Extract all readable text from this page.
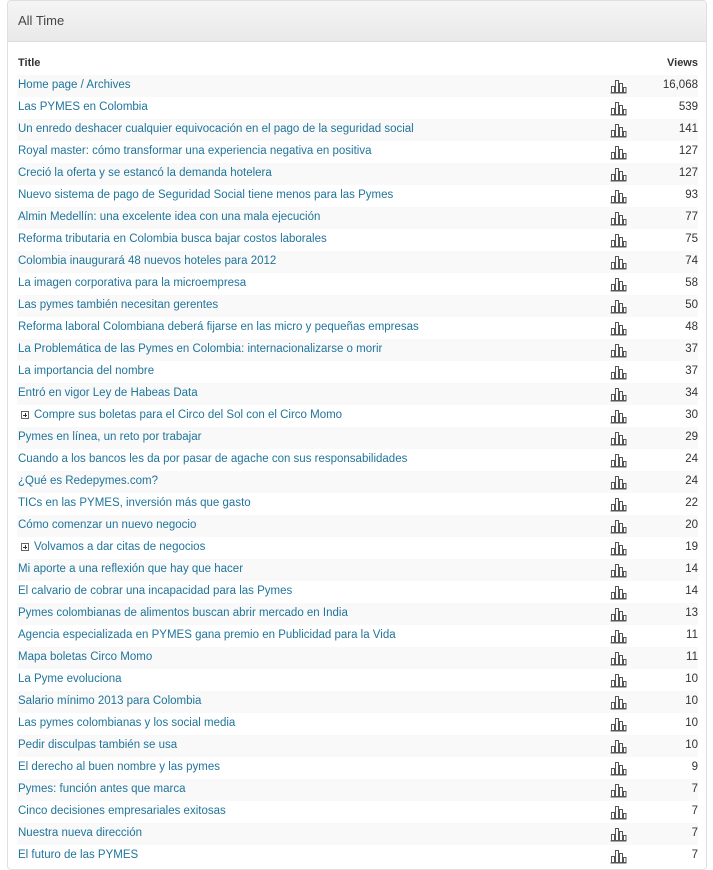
All Time
Title	Views
Home page / Archives	16,068
Las PYMES en Colombia	539
Un enredo deshacer cualquier equivocación en el pago de la seguridad social	141
Royal master: cómo transformar una experiencia negativa en positiva	127
Creció la oferta y se estancó la demanda hotelera	127
Nuevo sistema de pago de Seguridad Social tiene menos para las Pymes	93
Almin Medellín: una excelente idea con una mala ejecución	77
Reforma tributaria en Colombia busca bajar costos laborales	75
Colombia inaugurará 48 nuevos hoteles para 2012	74
La imagen corporativa para la microempresa	58
Las pymes también necesitan gerentes	50
Reforma laboral Colombiana deberá fijarse en las micro y pequeñas empresas	48
La Problemática de las Pymes en Colombia: internacionalizarse o morir	37
La importancia del nombre	37
Entró en vigor Ley de Habeas Data	34
Compre sus boletas para el Circo del Sol con el Circo Momo	30
Pymes en línea, un reto por trabajar	29
Cuando a los bancos les da por pasar de agache con sus responsabilidades	24
¿Qué es Redepymes.com?	24
TICs en las PYMES, inversión más que gasto	22
Cómo comenzar un nuevo negocio	20
Volvamos a dar citas de negocios	19
Mi aporte a una reflexión que hay que hacer	14
El calvario de cobrar una incapacidad para las Pymes	14
Pymes colombianas de alimentos buscan abrir mercado en India	13
Agencia especializada en PYMES gana premio en Publicidad para la Vida	11
Mapa boletas Circo Momo	11
La Pyme evoluciona	10
Salario mínimo 2013 para Colombia	10
Las pymes colombianas y los social media	10
Pedir disculpas también se usa	10
El derecho al buen nombre y las pymes	9
Pymes: función antes que marca	7
Cinco decisiones empresariales exitosas	7
Nuestra nueva dirección	7
El futuro de las PYMES	7
